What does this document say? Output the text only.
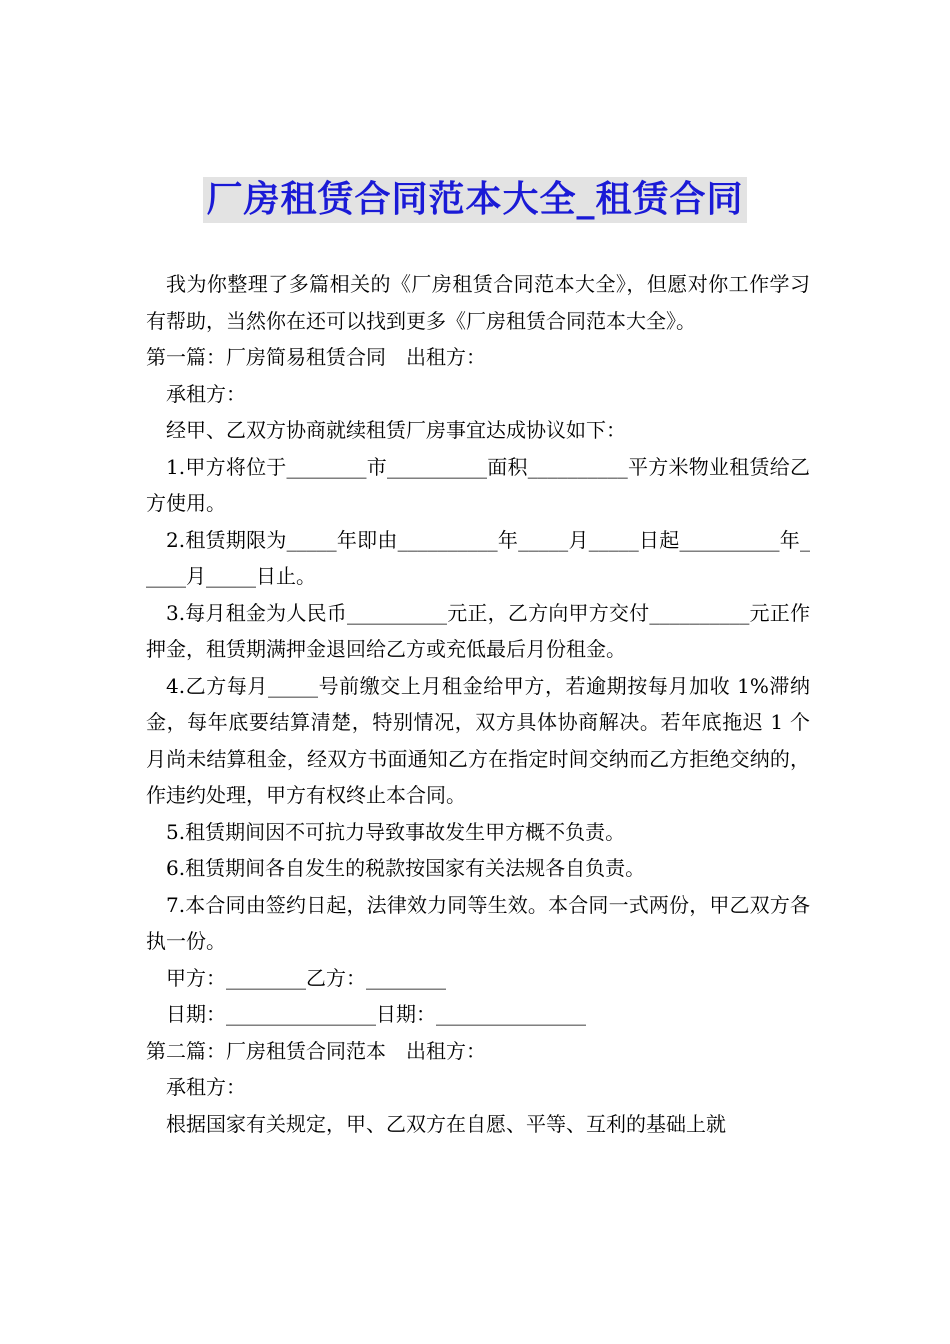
厂房租赁合同范本大全_租赁合同

我为你整理了多篇相关的《厂房租赁合同范本大全》，但愿对你工作学习有帮助，当然你在还可以找到更多《厂房租赁合同范本大全》。

第一篇：厂房简易租赁合同　出租方：

承租方：

经甲、乙双方协商就续租赁厂房事宜达成协议如下：

1.甲方将位于________市__________面积__________平方米物业租赁给乙方使用。

2.租赁期限为_____年即由__________年_____月_____日起__________年_____月_____日止。

3.每月租金为人民币__________元正，乙方向甲方交付__________元正作押金，租赁期满押金退回给乙方或充低最后月份租金。

4.乙方每月_____号前缴交上月租金给甲方，若逾期按每月加收 1%滞纳金，每年底要结算清楚，特别情况，双方具体协商解决。若年底拖迟 1 个月尚未结算租金，经双方书面通知乙方在指定时间交纳而乙方拒绝交纳的，作违约处理，甲方有权终止本合同。

5.租赁期间因不可抗力导致事故发生甲方概不负责。

6.租赁期间各自发生的税款按国家有关法规各自负责。

7.本合同由签约日起，法律效力同等生效。本合同一式两份，甲乙双方各执一份。

甲方：________乙方：________

日期：_______________日期：_______________

第二篇：厂房租赁合同范本　出租方：

承租方：

根据国家有关规定，甲、乙双方在自愿、平等、互利的基础上就
